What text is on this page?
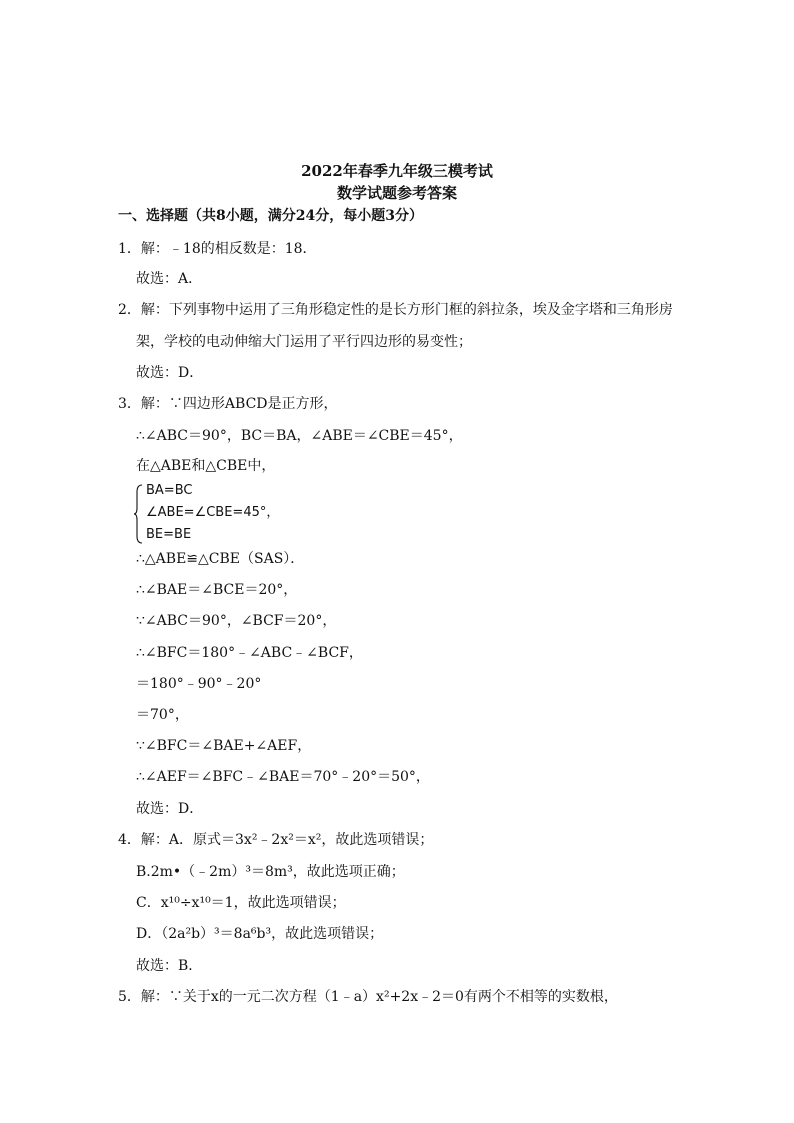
2022年春季九年级三模考试
数学试题参考答案
一、选择题（共8小题，满分24分，每小题3分）
1．解：﹣18的相反数是：18．
故选：A．
2．解：下列事物中运用了三角形稳定性的是长方形门框的斜拉条，埃及金字塔和三角形房
架，学校的电动伸缩大门运用了平行四边形的易变性；
故选：D．
3．解：∵四边形ABCD是正方形，
∴∠ABC＝90°，BC＝BA，∠ABE＝∠CBE＝45°，
在△ABE和△CBE中，
BA=BC
∠ABE=∠CBE=45°，
BE=BE
∴△ABE≌△CBE（SAS）．
∴∠BAE＝∠BCE＝20°，
∵∠ABC＝90°，∠BCF＝20°，
∴∠BFC＝180°﹣∠ABC﹣∠BCF，
＝180°﹣90°﹣20°
＝70°，
∵∠BFC＝∠BAE+∠AEF，
∴∠AEF＝∠BFC﹣∠BAE＝70°﹣20°＝50°，
故选：D．
4．解：A．原式＝3x²﹣2x²＝x²，故此选项错误；
B.2m•（﹣2m）³＝8m³，故此选项正确；
C．x¹⁰÷x¹⁰＝1，故此选项错误；
D．（2a²b）³＝8a⁶b³，故此选项错误；
故选：B．
5．解：∵关于x的一元二次方程（1﹣a）x²+2x﹣2＝0有两个不相等的实数根，
